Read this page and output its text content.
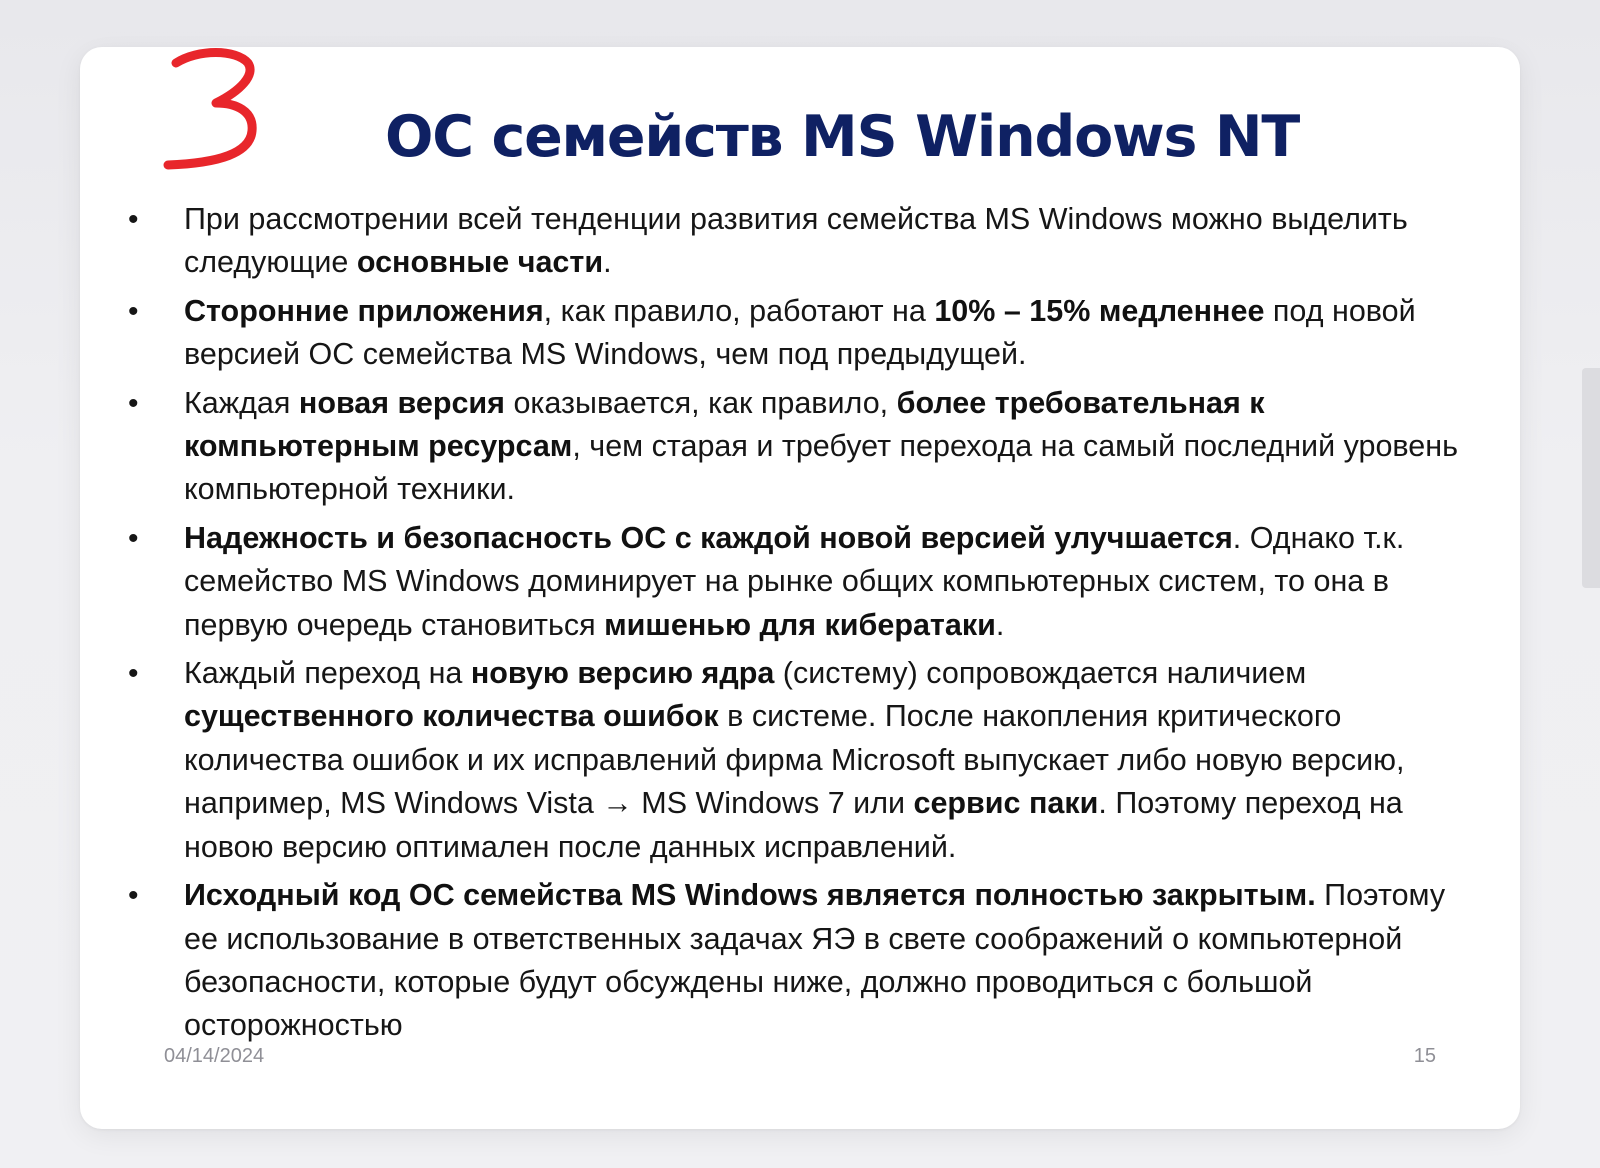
ОС семейств MS Windows NT
•	При рассмотрении всей тенденции развития семейства MS Windows можно выделить следующие основные части.
•	Сторонние приложения, как правило, работают на 10% – 15% медленнее под новой версией ОС семейства MS Windows, чем под предыдущей.
•	Каждая новая версия оказывается, как правило, более требовательная к компьютерным ресурсам, чем старая и требует перехода на самый последний уровень компьютерной техники.
•	Надежность и безопасность ОС с каждой новой версией улучшается. Однако т.к. семейство MS Windows доминирует на рынке общих компьютерных систем, то она в первую очередь становиться мишенью для кибератаки.
•	Каждый переход на новую версию ядра (систему) сопровождается наличием существенного количества ошибок в системе. После накопления критического количества ошибок и их исправлений фирма Microsoft выпускает либо новую версию, например, MS Windows Vista → MS Windows 7 или сервис паки. Поэтому переход на новою версию оптимален после данных исправлений.
•	Исходный код ОС семейства MS Windows является полностью закрытым. Поэтому ее использование в ответственных задачах ЯЭ в свете соображений о компьютерной безопасности, которые будут обсуждены ниже, должно проводиться с большой осторожностью
04/14/2024	15
